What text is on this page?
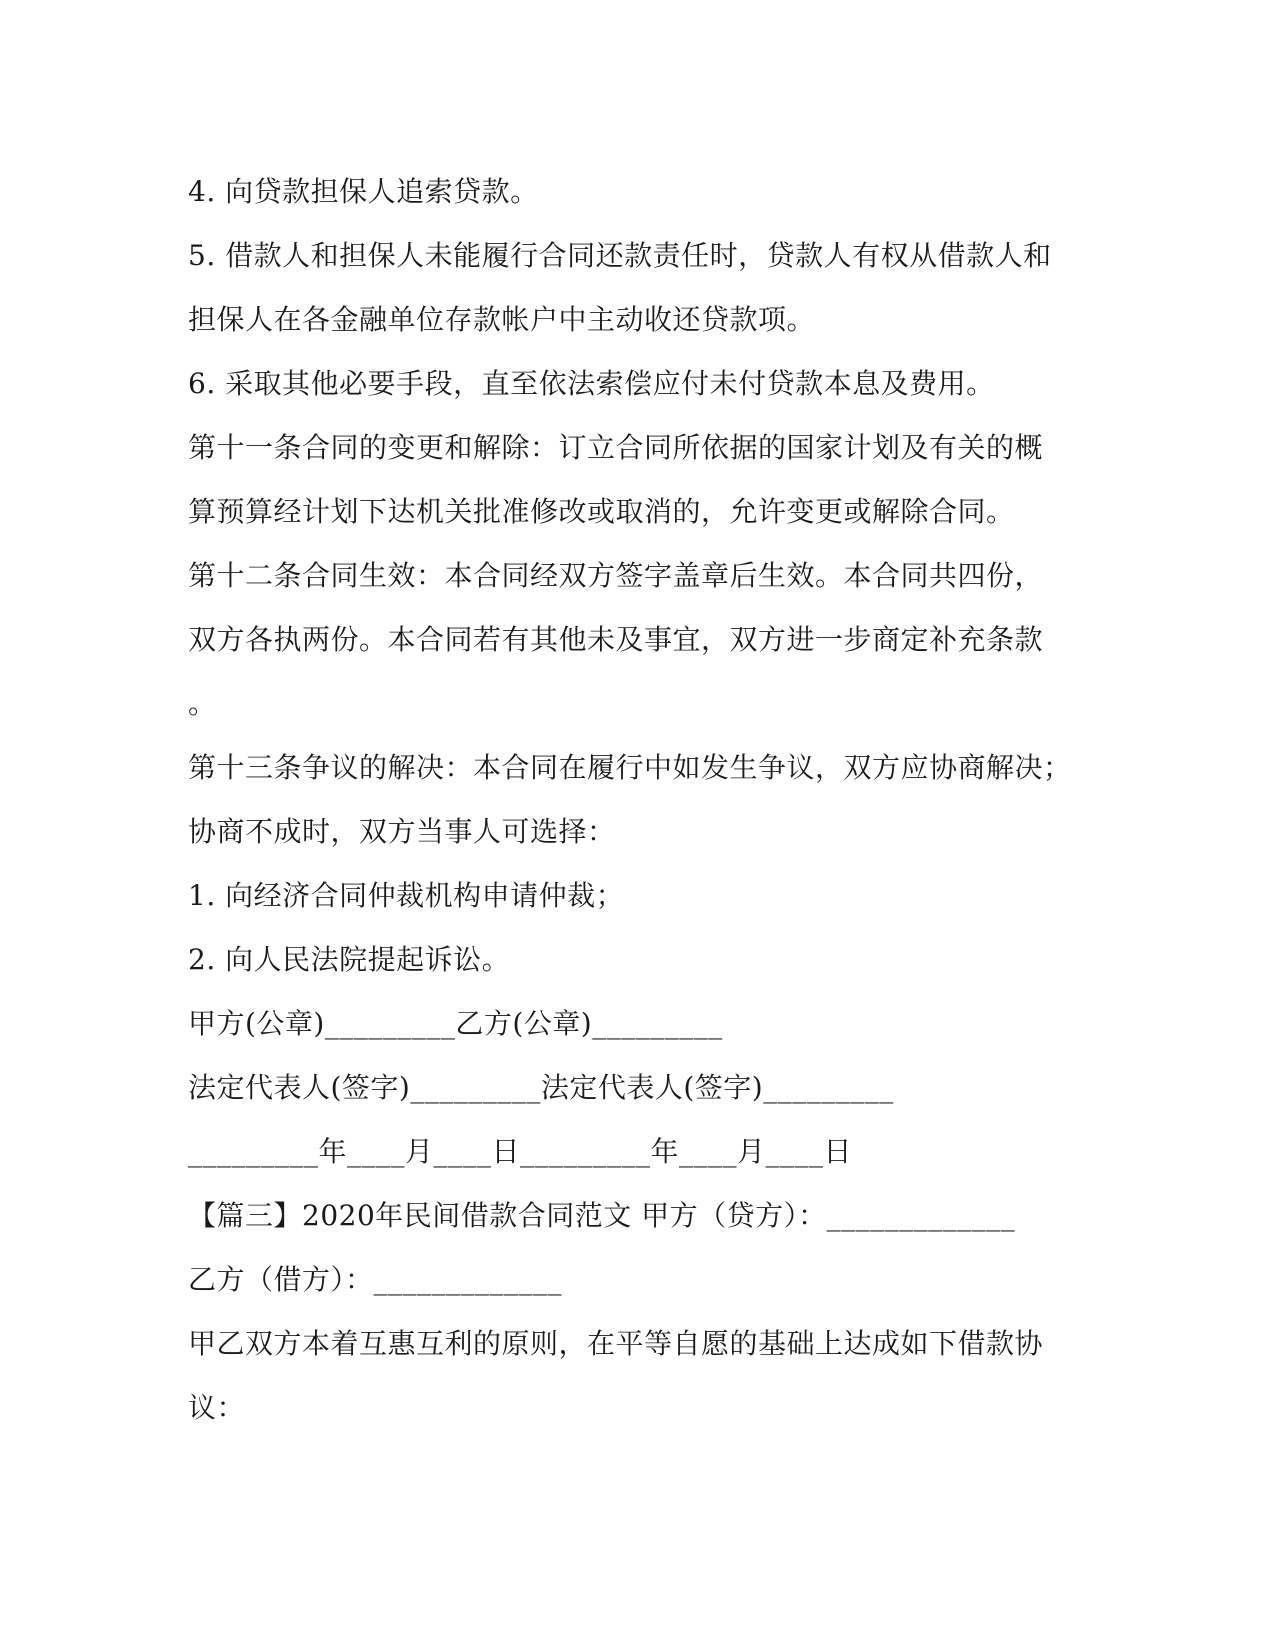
4. 向贷款担保人追索贷款。
5. 借款人和担保人未能履行合同还款责任时，贷款人有权从借款人和
担保人在各金融单位存款帐户中主动收还贷款项。
6. 采取其他必要手段，直至依法索偿应付未付贷款本息及费用。
第十一条合同的变更和解除：订立合同所依据的国家计划及有关的概
算预算经计划下达机关批准修改或取消的，允许变更或解除合同。
第十二条合同生效：本合同经双方签字盖章后生效。本合同共四份，
双方各执两份。本合同若有其他未及事宜，双方进一步商定补充条款
。
第十三条争议的解决：本合同在履行中如发生争议，双方应协商解决；
协商不成时，双方当事人可选择：
1. 向经济合同仲裁机构申请仲裁；
2. 向人民法院提起诉讼。
甲方(公章)_________乙方(公章)_________
法定代表人(签字)_________法定代表人(签字)_________
_________年____月____日_________年____月____日
【篇三】2020年民间借款合同范文 甲方（贷方）：_____________
乙方（借方）：_____________
甲乙双方本着互惠互利的原则，在平等自愿的基础上达成如下借款协
议：
